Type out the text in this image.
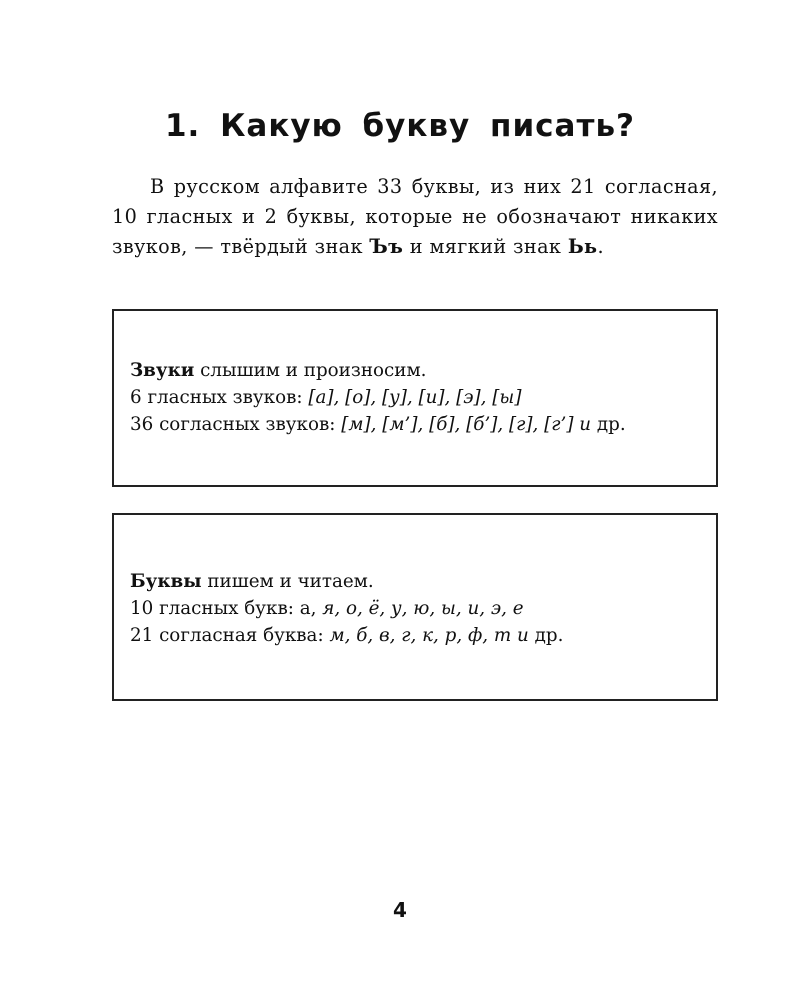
1. Какую букву писать?

В русском алфавите 33 буквы, из них 21 согласная, 10 гласных и 2 буквы, которые не обозначают никаких звуков, — твёрдый знак Ъъ и мягкий знак Ьь.

Звуки слышим и произносим.
6 гласных звуков: [а], [о], [у], [и], [э], [ы]
36 согласных звуков: [м], [м’], [б], [б’], [г], [г’] и др.
Буквы пишем и читаем.
10 гласных букв: а, я, о, ё, у, ю, ы, и, э, е
21 согласная буква: м, б, в, г, к, р, ф, т и др.
4
